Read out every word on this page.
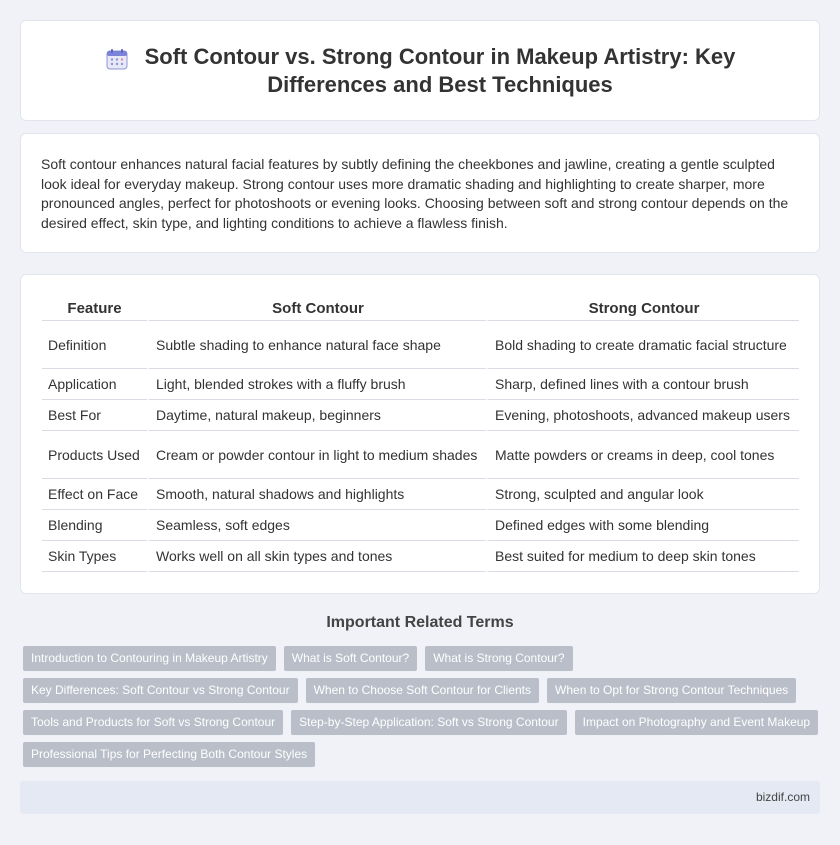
Soft Contour vs. Strong Contour in Makeup Artistry: Key Differences and Best Techniques

Soft contour enhances natural facial features by subtly defining the cheekbones and jawline, creating a gentle sculpted look ideal for everyday makeup. Strong contour uses more dramatic shading and highlighting to create sharper, more pronounced angles, perfect for photoshoots or evening looks. Choosing between soft and strong contour depends on the desired effect, skin type, and lighting conditions to achieve a flawless finish.

Feature	Soft Contour	Strong Contour
Definition	Subtle shading to enhance natural face shape	Bold shading to create dramatic facial structure
Application	Light, blended strokes with a fluffy brush	Sharp, defined lines with a contour brush
Best For	Daytime, natural makeup, beginners	Evening, photoshoots, advanced makeup users
Products Used	Cream or powder contour in light to medium shades	Matte powders or creams in deep, cool tones
Effect on Face	Smooth, natural shadows and highlights	Strong, sculpted and angular look
Blending	Seamless, soft edges	Defined edges with some blending
Skin Types	Works well on all skin types and tones	Best suited for medium to deep skin tones
Important Related Terms
Introduction to Contouring in Makeup Artistry	What is Soft Contour?	What is Strong Contour?
Key Differences: Soft Contour vs Strong Contour	When to Choose Soft Contour for Clients	When to Opt for Strong Contour Techniques
Tools and Products for Soft vs Strong Contour	Step-by-Step Application: Soft vs Strong Contour	Impact on Photography and Event Makeup
Professional Tips for Perfecting Both Contour Styles
bizdif.com
